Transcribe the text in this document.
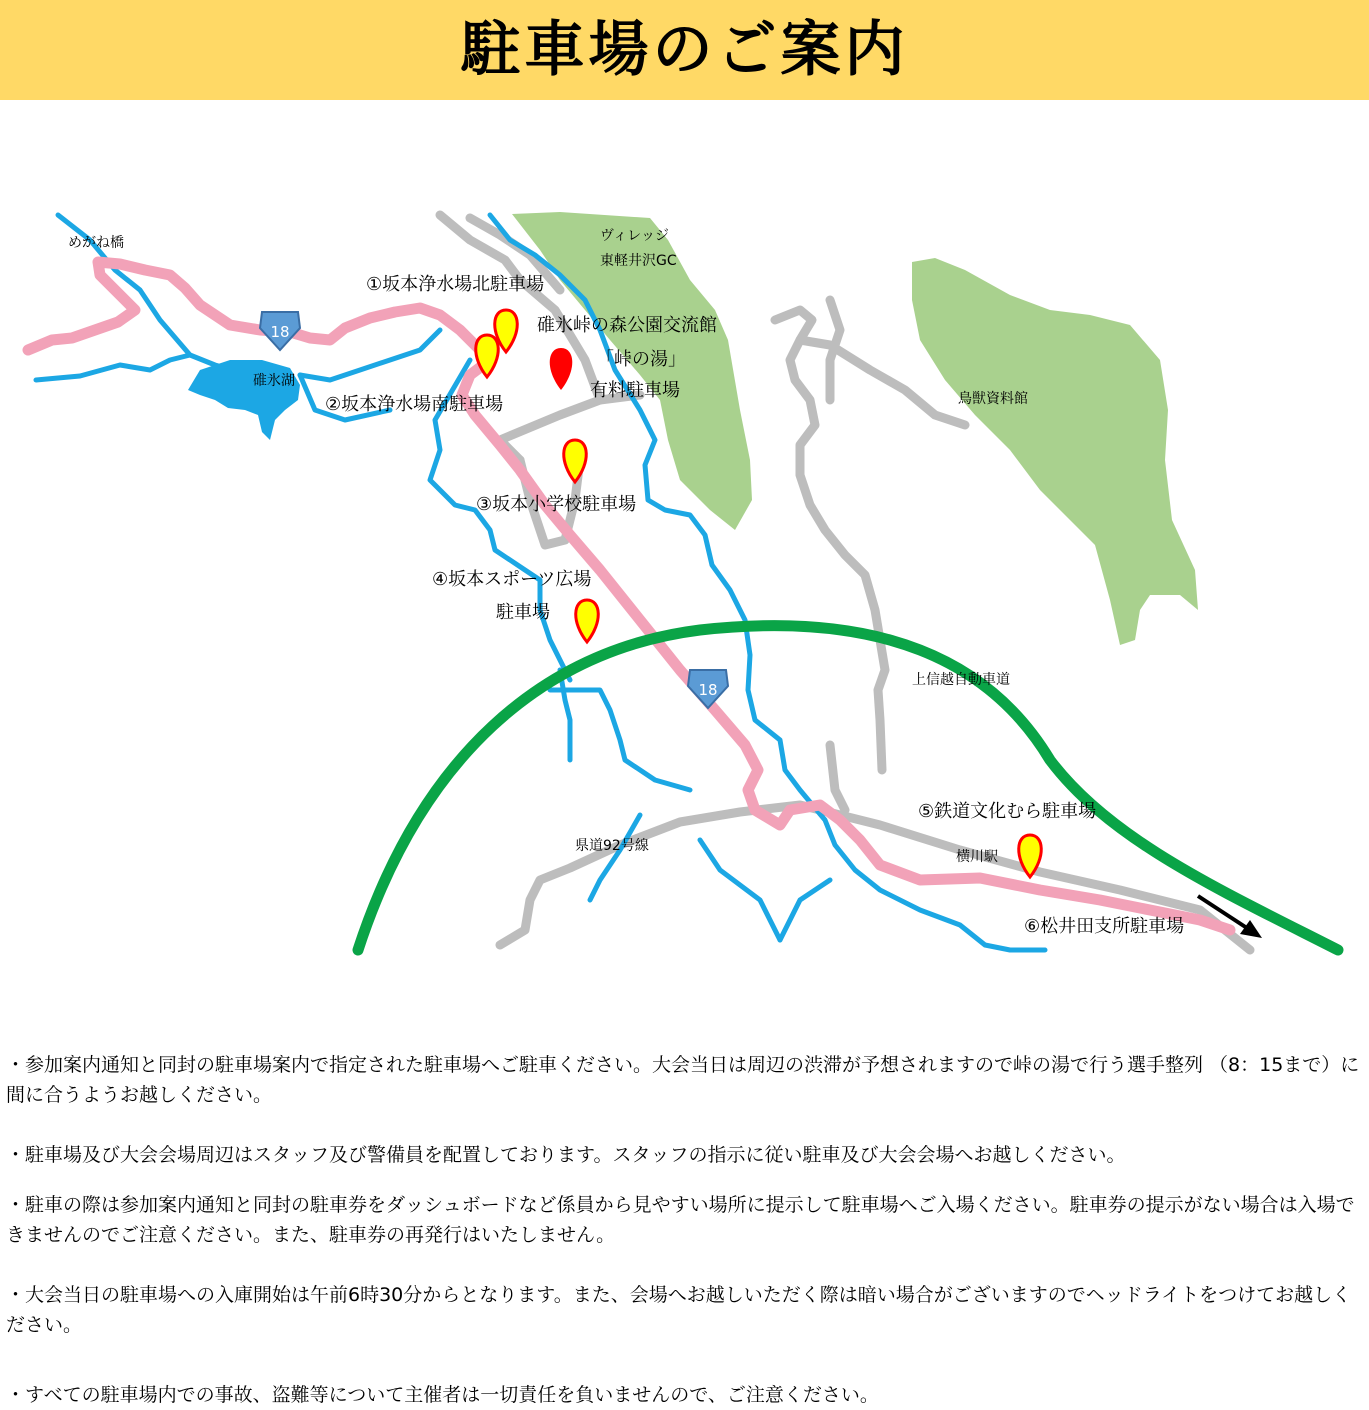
駐車場のご案内
18
18
めがね橋
碓氷湖
ヴィレッジ
東軽井沢GC
鳥獣資料館
上信越自動車道
県道92号線
横川駅
碓氷峠の森公園交流館
「峠の湯」
有料駐車場
①坂本浄水場北駐車場
②坂本浄水場南駐車場
③坂本小学校駐車場
④坂本スポーツ広場
駐車場
⑤鉄道文化むら駐車場
⑥松井田支所駐車場

・参加案内通知と同封の駐車場案内で指定された駐車場へご駐車ください。大会当日は周辺の渋滞が予想されますので峠の湯で行う選手整列 （8：15まで）に間に合うようお越しください。

・駐車場及び大会会場周辺はスタッフ及び警備員を配置しております。スタッフの指示に従い駐車及び大会会場へお越しください。

・駐車の際は参加案内通知と同封の駐車券をダッシュボードなど係員から見やすい場所に提示して駐車場へご入場ください。駐車券の提示がない場合は入場できませんのでご注意ください。また、駐車券の再発行はいたしません。

・大会当日の駐車場への入庫開始は午前6時30分からとなります。また、会場へお越しいただく際は暗い場合がございますのでヘッドライトをつけてお越しください。

・すべての駐車場内での事故、盗難等について主催者は一切責任を負いませんので、ご注意ください。
